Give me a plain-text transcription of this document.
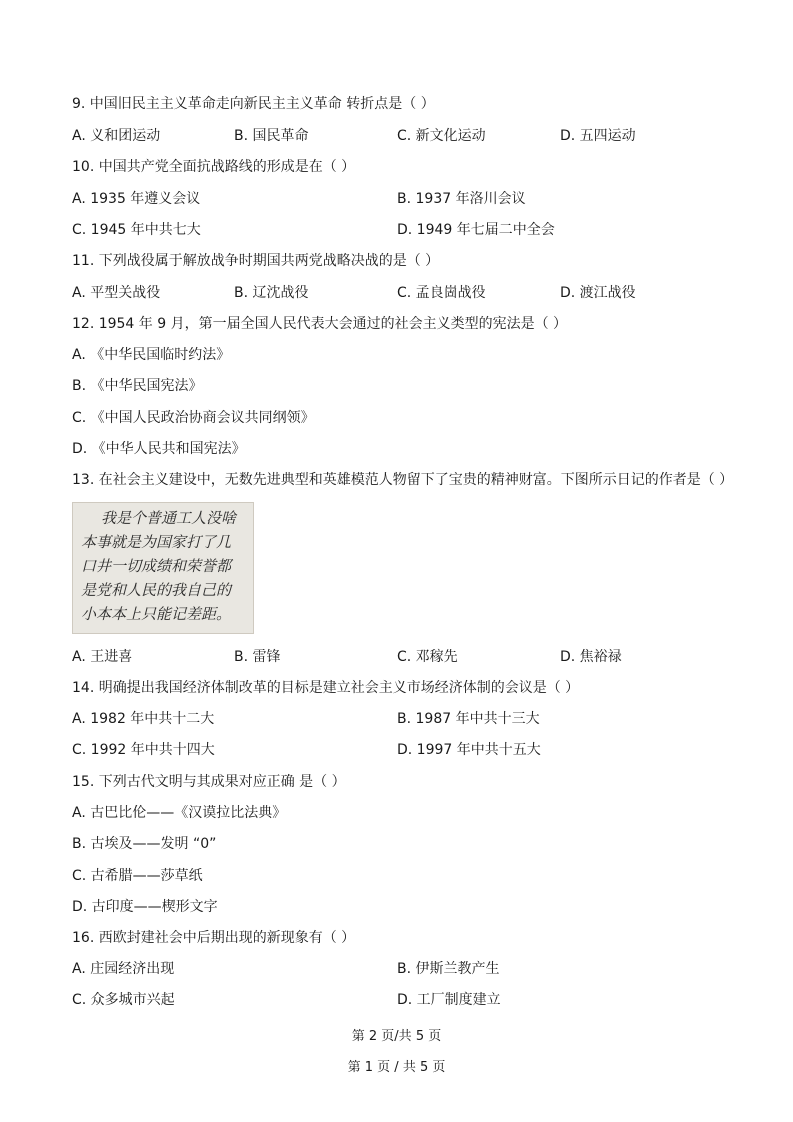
9. 中国旧民主主义革命走向新民主主义革命 转折点是（ ）
A. 义和团运动	B. 国民革命	C. 新文化运动	D. 五四运动
10. 中国共产党全面抗战路线的形成是在（ ）
A. 1935 年遵义会议	B. 1937 年洛川会议
C. 1945 年中共七大	D. 1949 年七届二中全会
11. 下列战役属于解放战争时期国共两党战略决战的是（ ）
A. 平型关战役	B. 辽沈战役	C. 孟良崮战役	D. 渡江战役
12. 1954 年 9 月，第一届全国人民代表大会通过的社会主义类型的宪法是（ ）
A. 《中华民国临时约法》
B. 《中华民国宪法》
C. 《中国人民政治协商会议共同纲领》
D. 《中华人民共和国宪法》
13. 在社会主义建设中，无数先进典型和英雄模范人物留下了宝贵的精神财富。下图所示日记的作者是（ ）
我是个普通工人没啥
本事就是为国家打了几
口井一切成绩和荣誉都
是党和人民的我自己的
小本本上只能记差距。
A. 王进喜	B. 雷锋	C. 邓稼先	D. 焦裕禄
14. 明确提出我国经济体制改革的目标是建立社会主义市场经济体制的会议是（ ）
A. 1982 年中共十二大	B. 1987 年中共十三大
C. 1992 年中共十四大	D. 1997 年中共十五大
15. 下列古代文明与其成果对应正确 是（ ）
A. 古巴比伦——《汉谟拉比法典》
B. 古埃及——发明 “0”
C. 古希腊——莎草纸
D. 古印度——楔形文字
16. 西欧封建社会中后期出现的新现象有（ ）
A. 庄园经济出现	B. 伊斯兰教产生
C. 众多城市兴起	D. 工厂制度建立
第 2 页/共 5 页
第 1 页 / 共 5 页
